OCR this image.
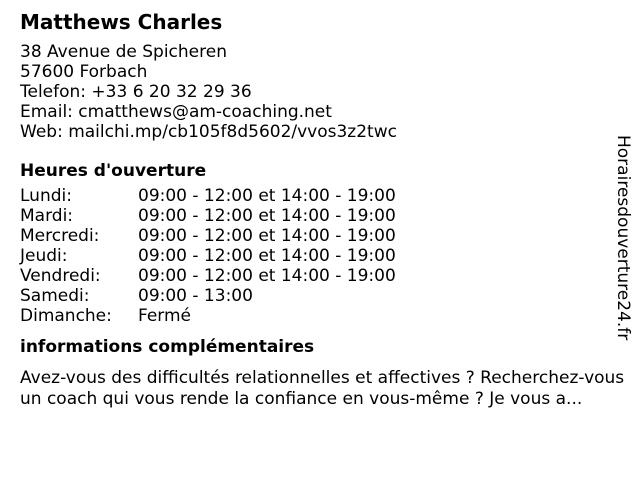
Matthews Charles
38 Avenue de Spicheren
57600 Forbach
Telefon: +33 6 20 32 29 36
Email: cmatthews@am-coaching.net
Web: mailchi.mp/cb105f8d5602/vvos3z2twc
Heures d'ouverture
Lundi:	09:00 - 12:00 et 14:00 - 19:00
Mardi:	09:00 - 12:00 et 14:00 - 19:00
Mercredi:	09:00 - 12:00 et 14:00 - 19:00
Jeudi:	09:00 - 12:00 et 14:00 - 19:00
Vendredi:	09:00 - 12:00 et 14:00 - 19:00
Samedi:	09:00 - 13:00
Dimanche:	Fermé
informations complémentaires
Avez-vous des difficultés relationnelles et affectives ? Recherchez-vous un coach qui vous rende la confiance en vous-même ? Je vous a...
Horairesdouverture24.fr
